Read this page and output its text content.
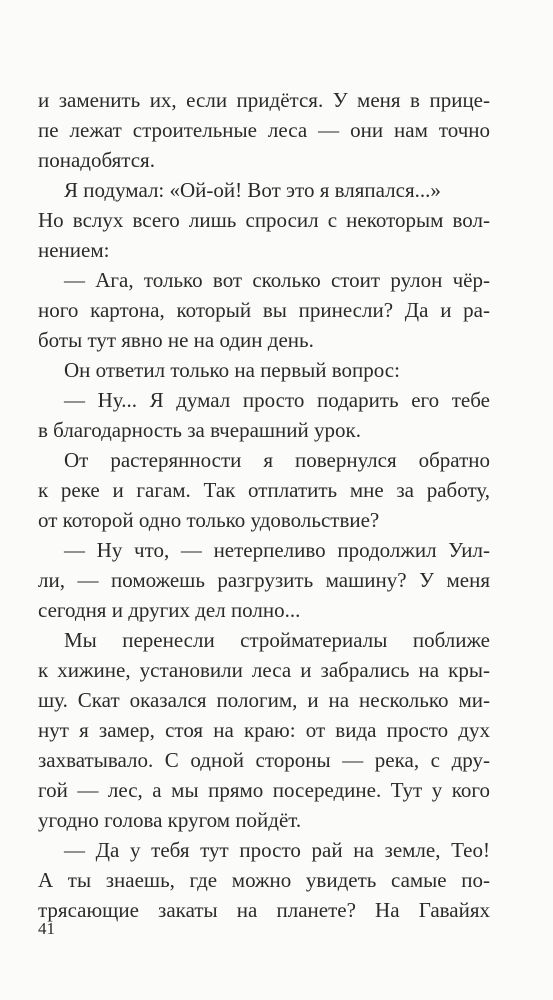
и заменить их, если придётся. У меня в прице-
пе лежат строительные леса — они нам точно
понадобятся.
Я подумал: «Ой-ой! Вот это я вляпался...»
Но вслух всего лишь спросил с некоторым вол-
нением:
— Ага, только вот сколько стоит рулон чёр-
ного картона, который вы принесли? Да и ра-
боты тут явно не на один день.
Он ответил только на первый вопрос:
— Ну... Я думал просто подарить его тебе
в благодарность за вчерашний урок.
От растерянности я повернулся обратно
к реке и гагам. Так отплатить мне за работу,
от которой одно только удовольствие?
— Ну что, — нетерпеливо продолжил Уил-
ли, — поможешь разгрузить машину? У меня
сегодня и других дел полно...
Мы перенесли стройматериалы поближе
к хижине, установили леса и забрались на кры-
шу. Скат оказался пологим, и на несколько ми-
нут я замер, стоя на краю: от вида просто дух
захватывало. С одной стороны — река, с дру-
гой — лес, а мы прямо посередине. Тут у кого
угодно голова кругом пойдёт.
— Да у тебя тут просто рай на земле, Тео!
А ты знаешь, где можно увидеть самые по-
трясающие закаты на планете? На Гавайях
41
